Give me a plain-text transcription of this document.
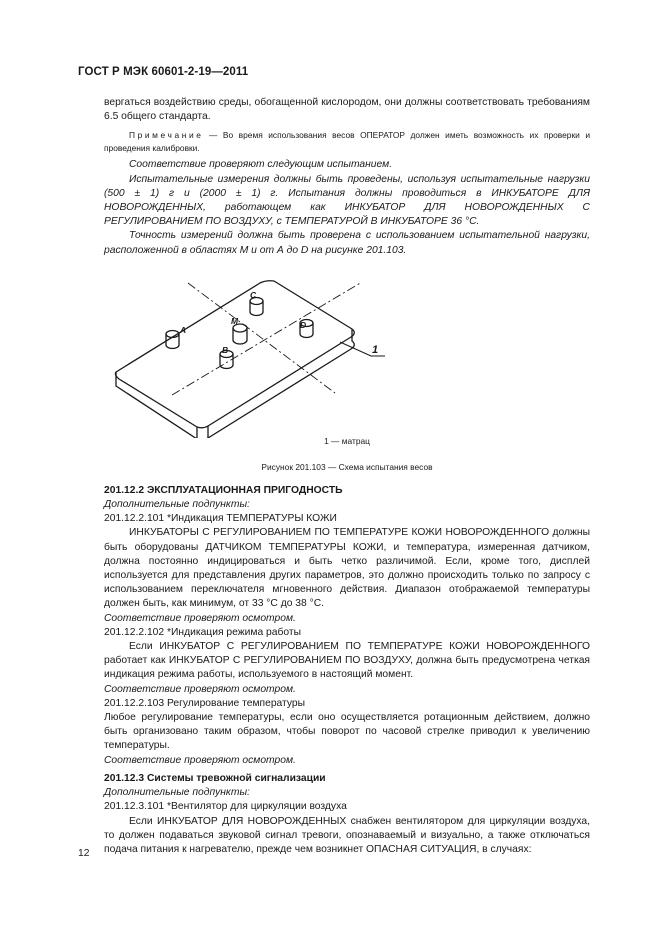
ГОСТ Р МЭК 60601-2-19—2011

вергаться воздействию среды, обогащенной кислородом, они должны соответствовать требованиям 6.5 общего стандарта.

Примечание — Во время использования весов ОПЕРАТОР должен иметь возможность их проверки и проведения калибровки.

Соответствие проверяют следующим испытанием.

Испытательные измерения должны быть проведены, используя испытательные нагрузки (500 ± 1) г и (2000 ± 1) г. Испытания должны проводиться в ИНКУБАТОРЕ ДЛЯ НОВОРОЖДЕННЫХ, работающем как ИНКУБАТОР ДЛЯ НОВОРОЖДЕННЫХ С РЕГУЛИРОВАНИЕМ ПО ВОЗДУХУ, с ТЕМПЕРАТУРОЙ В ИНКУБАТОРЕ 36 °С.

Точность измерений должна быть проверена с использованием испытательной нагрузки, расположенной в областях М и от А до D на рисунке 201.103.

A
B
C
D
M
1
1 — матрац
Рисунок 201.103 — Схема испытания весов

201.12.2 ЭКСПЛУАТАЦИОННАЯ ПРИГОДНОСТЬ

Дополнительные подпункты:

201.12.2.101 *Индикация ТЕМПЕРАТУРЫ КОЖИ

ИНКУБАТОРЫ С РЕГУЛИРОВАНИЕМ ПО ТЕМПЕРАТУРЕ КОЖИ НОВОРОЖДЕННОГО должны быть оборудованы ДАТЧИКОМ ТЕМПЕРАТУРЫ КОЖИ, и температура, измеренная датчиком, должна постоянно индицироваться и быть четко различимой. Если, кроме того, дисплей используется для представления других параметров, это должно происходить только по запросу с использованием переключателя мгновенного действия. Диапазон отображаемой температуры должен быть, как минимум, от 33 °С до 38 °С.

Соответствие проверяют осмотром.

201.12.2.102 *Индикация режима работы

Если ИНКУБАТОР С РЕГУЛИРОВАНИЕМ ПО ТЕМПЕРАТУРЕ КОЖИ НОВОРОЖДЕННОГО работает как ИНКУБАТОР С РЕГУЛИРОВАНИЕМ ПО ВОЗДУХУ, должна быть предусмотрена четкая индикация режима работы, используемого в настоящий момент.

Соответствие проверяют осмотром.

201.12.2.103 Регулирование температуры

Любое регулирование температуры, если оно осуществляется ротационным действием, должно быть организовано таким образом, чтобы поворот по часовой стрелке приводил к увеличению температуры.

Соответствие проверяют осмотром.

201.12.3 Системы тревожной сигнализации

Дополнительные подпункты:

201.12.3.101 *Вентилятор для циркуляции воздуха

Если ИНКУБАТОР ДЛЯ НОВОРОЖДЕННЫХ снабжен вентилятором для циркуляции воздуха, то должен подаваться звуковой сигнал тревоги, опознаваемый и визуально, а также отключаться подача питания к нагревателю, прежде чем возникнет ОПАСНАЯ СИТУАЦИЯ, в случаях:

12
